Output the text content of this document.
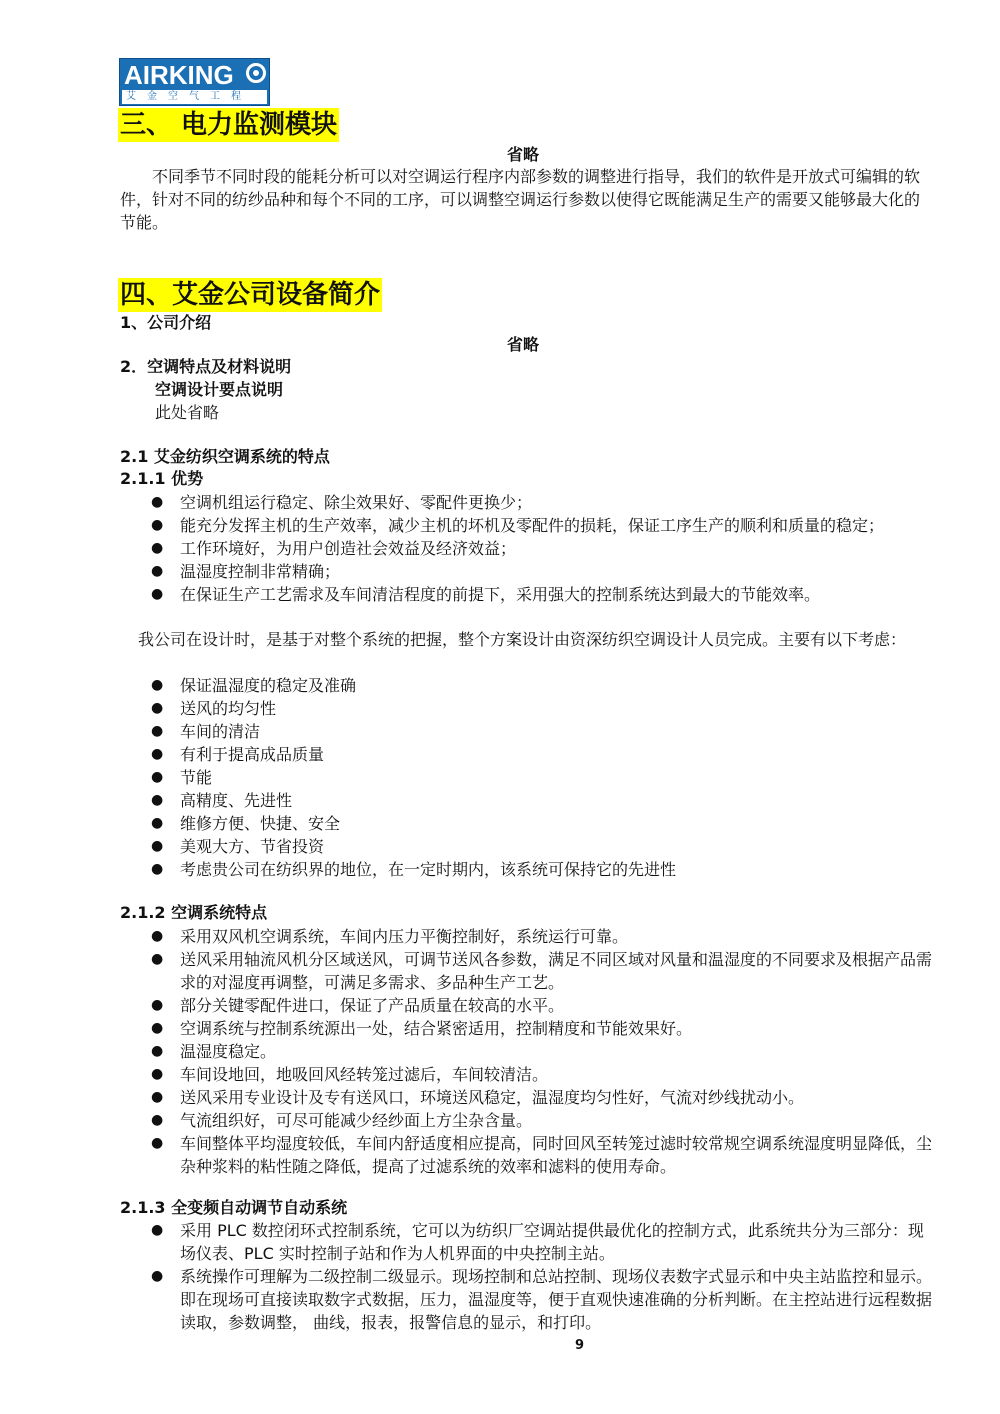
AIRKING
艾金空气工程
三、 电力监测模块
省略
不同季节不同时段的能耗分析可以对空调运行程序内部参数的调整进行指导，我们的软件是开放式可编辑的软件，针对不同的纺纱品种和每个不同的工序，可以调整空调运行参数以使得它既能满足生产的需要又能够最大化的节能。
四、艾金公司设备简介
1、公司介绍
省略
2．空调特点及材料说明
空调设计要点说明
此处省略
2.1 艾金纺织空调系统的特点
2.1.1 优势
● 空调机组运行稳定、除尘效果好、零配件更换少；
● 能充分发挥主机的生产效率，减少主机的坏机及零配件的损耗，保证工序生产的顺利和质量的稳定；
● 工作环境好，为用户创造社会效益及经济效益；
● 温湿度控制非常精确；
● 在保证生产工艺需求及车间清洁程度的前提下，采用强大的控制系统达到最大的节能效率。
我公司在设计时，是基于对整个系统的把握，整个方案设计由资深纺织空调设计人员完成。主要有以下考虑：
● 保证温湿度的稳定及准确
● 送风的均匀性
● 车间的清洁
● 有利于提高成品质量
● 节能
● 高精度、先进性
● 维修方便、快捷、安全
● 美观大方、节省投资
● 考虑贵公司在纺织界的地位，在一定时期内，该系统可保持它的先进性
2.1.2 空调系统特点
● 采用双风机空调系统，车间内压力平衡控制好，系统运行可靠。
● 送风采用轴流风机分区域送风，可调节送风各参数，满足不同区域对风量和温湿度的不同要求及根据产品需求的对湿度再调整，可满足多需求、多品种生产工艺。
● 部分关键零配件进口，保证了产品质量在较高的水平。
● 空调系统与控制系统源出一处，结合紧密适用，控制精度和节能效果好。
● 温湿度稳定。
● 车间设地回，地吸回风经转笼过滤后，车间较清洁。
● 送风采用专业设计及专有送风口，环境送风稳定，温湿度均匀性好，气流对纱线扰动小。
● 气流组织好，可尽可能减少经纱面上方尘杂含量。
● 车间整体平均湿度较低，车间内舒适度相应提高，同时回风至转笼过滤时较常规空调系统湿度明显降低，尘杂种浆料的粘性随之降低，提高了过滤系统的效率和滤料的使用寿命。
2.1.3 全变频自动调节自动系统
● 采用 PLC 数控闭环式控制系统，它可以为纺织厂空调站提供最优化的控制方式，此系统共分为三部分：现场仪表、PLC 实时控制子站和作为人机界面的中央控制主站。
● 系统操作可理解为二级控制二级显示。现场控制和总站控制、现场仪表数字式显示和中央主站监控和显示。即在现场可直接读取数字式数据，压力，温湿度等，便于直观快速准确的分析判断。在主控站进行远程数据读取，参数调整， 曲线，报表，报警信息的显示，和打印。
9
